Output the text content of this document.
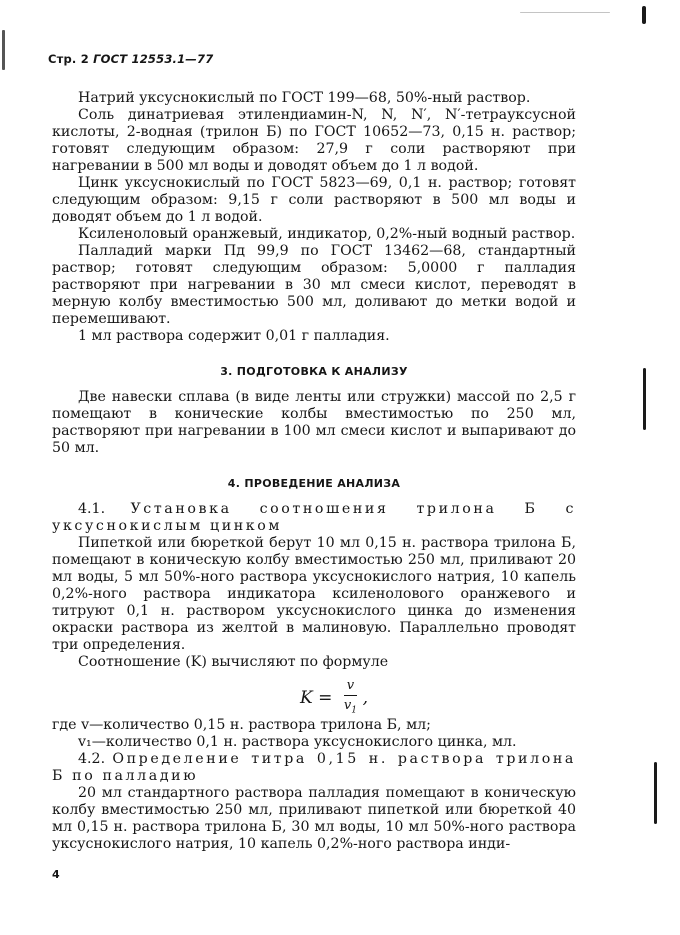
Стр. 2 ГОСТ 12553.1—77

Натрий уксуснокислый по ГОСТ 199—68, 50%-ный раствор.

Соль динатриевая этилендиамин-N, N, N′, N′-тетрауксусной кислоты, 2-водная (трилон Б) по ГОСТ 10652—73, 0,15 н. раствор; готовят следующим образом: 27,9 г соли растворяют при нагревании в 500 мл воды и доводят объем до 1 л водой.

Цинк уксуснокислый по ГОСТ 5823—69, 0,1 н. раствор; готовят следующим образом: 9,15 г соли растворяют в 500 мл воды и доводят объем до 1 л водой.

Ксиленоловый оранжевый, индикатор, 0,2%-ный водный раствор.

Палладий марки Пд 99,9 по ГОСТ 13462—68, стандартный раствор; готовят следующим образом: 5,0000 г палладия растворяют при нагревании в 30 мл смеси кислот, переводят в мерную колбу вместимостью 500 мл, доливают до метки водой и перемешивают.

1 мл раствора содержит 0,01 г палладия.

3. ПОДГОТОВКА К АНАЛИЗУ

Две навески сплава (в виде ленты или стружки) массой по 2,5 г помещают в конические колбы вместимостью по 250 мл, растворяют при нагревании в 100 мл смеси кислот и выпаривают до 50 мл.

4. ПРОВЕДЕНИЕ АНАЛИЗА

4.1. Установка соотношения трилона Б с уксуснокислым цинком

Пипеткой или бюреткой берут 10 мл 0,15 н. раствора трилона Б, помещают в коническую колбу вместимостью 250 мл, приливают 20 мл воды, 5 мл 50%-ного раствора уксуснокислого натрия, 10 капель 0,2%-ного раствора индикатора ксиленолового оранжевого и титруют 0,1 н. раствором уксуснокислого цинка до изменения окраски раствора из желтой в малиновую. Параллельно проводят три определения.

Соотношение (K) вычисляют по формуле

$K = \frac{v}{v_1}$ ,

где v—количество 0,15 н. раствора трилона Б, мл;

v₁—количество 0,1 н. раствора уксуснокислого цинка, мл.

4.2. Определение титра 0,15 н. раствора трилона Б по палладию

20 мл стандартного раствора палладия помещают в коническую колбу вместимостью 250 мл, приливают пипеткой или бюреткой 40 мл 0,15 н. раствора трилона Б, 30 мл воды, 10 мл 50%-ного раствора уксуснокислого натрия, 10 капель 0,2%-ного раствора инди-

4
